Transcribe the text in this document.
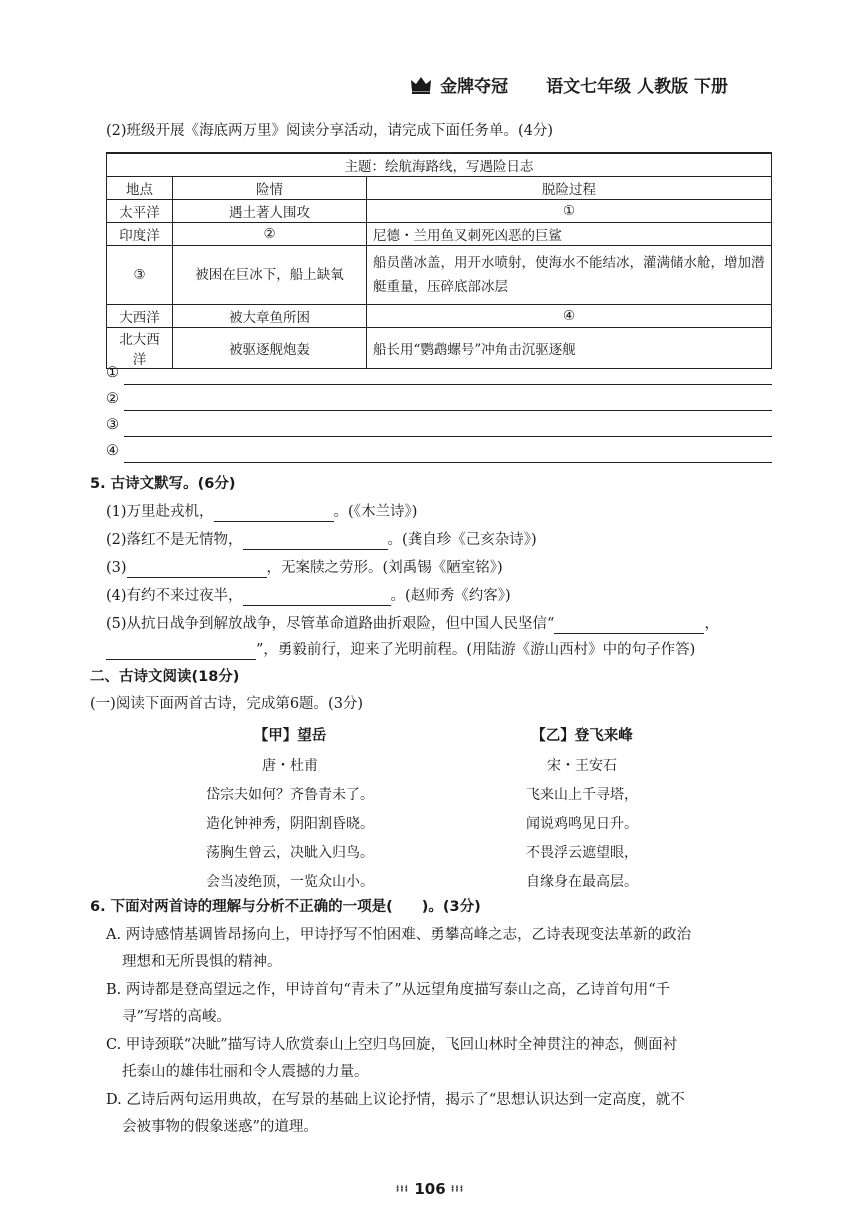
金牌夺冠 语文七年级 人教版 下册
(2)班级开展《海底两万里》阅读分享活动，请完成下面任务单。(4分)
主题：绘航海路线，写遇险日志		
地点	险情	脱险过程
太平洋	遇土著人围攻	①
印度洋	②	尼德・兰用鱼叉刺死凶恶的巨鲨
③	被困在巨冰下，船上缺氧	船员凿冰盖，用开水喷射，使海水不能结冰，灌满储水舱，增加潜艇重量，压碎底部冰层
大西洋	被大章鱼所困	④
北大西洋	被驱逐舰炮轰	船长用“鹦鹉螺号”冲角击沉驱逐舰
①
②
③
④
5. 古诗文默写。(6分)
(1)万里赴戎机，	。(《木兰诗》)
(2)落红不是无情物，	。(龚自珍《己亥杂诗》)
(3)	，无案牍之劳形。(刘禹锡《陋室铭》)
(4)有约不来过夜半，	。(赵师秀《约客》)
(5)从抗日战争到解放战争，尽管革命道路曲折艰险，但中国人民坚信“	，
”，勇毅前行，迎来了光明前程。(用陆游《游山西村》中的句子作答)
二、古诗文阅读(18分)
(一)阅读下面两首古诗，完成第6题。(3分)
【甲】望岳
唐・杜甫
岱宗夫如何？齐鲁青未了。
造化钟神秀，阴阳割昏晓。
荡胸生曾云，决眦入归鸟。
会当凌绝顶，一览众山小。
【乙】登飞来峰
宋・王安石
飞来山上千寻塔，
闻说鸡鸣见日升。
不畏浮云遮望眼，
自缘身在最高层。
6. 下面对两首诗的理解与分析不正确的一项是(　　)。(3分)
A. 两诗感情基调皆昂扬向上，甲诗抒写不怕困难、勇攀高峰之志，乙诗表现变法革新的政治
理想和无所畏惧的精神。
B. 两诗都是登高望远之作，甲诗首句“青未了”从远望角度描写泰山之高，乙诗首句用“千
寻”写塔的高峻。
C. 甲诗颈联“决眦”描写诗人欣赏泰山上空归鸟回旋，飞回山林时全神贯注的神态，侧面衬
托泰山的雄伟壮丽和令人震撼的力量。
D. 乙诗后两句运用典故，在写景的基础上议论抒情，揭示了“思想认识达到一定高度，就不
会被事物的假象迷惑”的道理。
⁞⁞⁞ 106 ⁞⁞⁞
